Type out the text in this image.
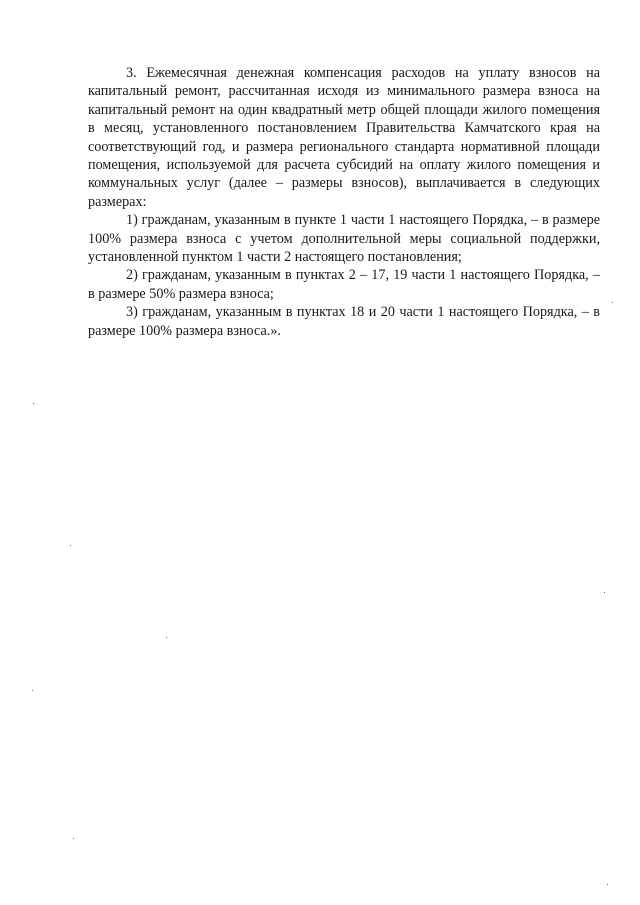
3. Ежемесячная денежная компенсация расходов на уплату взносов на капитальный ремонт, рассчитанная исходя из минимального размера взноса на капитальный ремонт на один квадратный метр общей площади жилого помещения в месяц, установленного постановлением Правительства Камчатского края на соответствующий год, и размера регионального стандарта нормативной площади помещения, используемой для расчета субсидий на оплату жилого помещения и коммунальных услуг (далее – размеры взносов), выплачивается в следующих размерах:

1) гражданам, указанным в пункте 1 части 1 настоящего Порядка, – в размере 100% размера взноса с учетом дополнительной меры социальной поддержки, установленной пунктом 1 части 2 настоящего постановления;

2) гражданам, указанным в пунктах 2 – 17, 19 части 1 настоящего Порядка, – в размере 50% размера взноса;

3) гражданам, указанным в пунктах 18 и 20 части 1 настоящего Порядка, – в размере 100% размера взноса.».
